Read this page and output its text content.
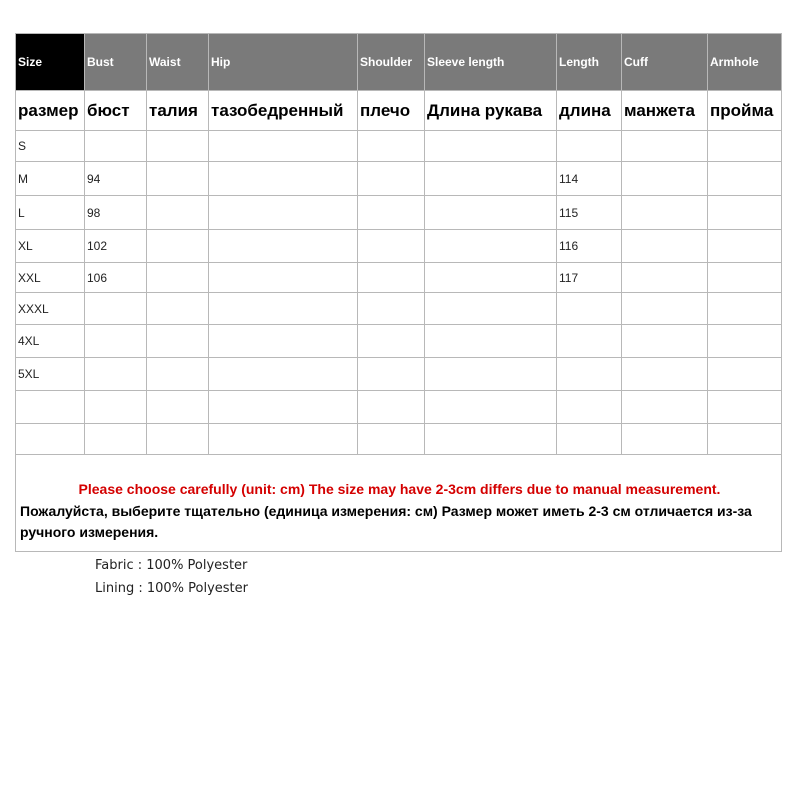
Size	Bust	Waist	Hip	Shoulder	Sleeve length	Length	Cuff	Armhole
размер	бюст	талия	тазобедренный	плечо	Длина рукава	длина	манжета	пройма
S								
M	94					114		
L	98					115		
XL	102					116		
XXL	106					117		
XXXL								
4XL								
5XL								

Please choose carefully (unit: cm) The size may have 2-3cm differs due to manual measurement.
Пожалуйста, выберите тщательно (единица измерения: см) Размер может иметь 2-3 см отличается из-за ручного измерения.								
Fabric : 100% Polyester
Lining : 100% Polyester
